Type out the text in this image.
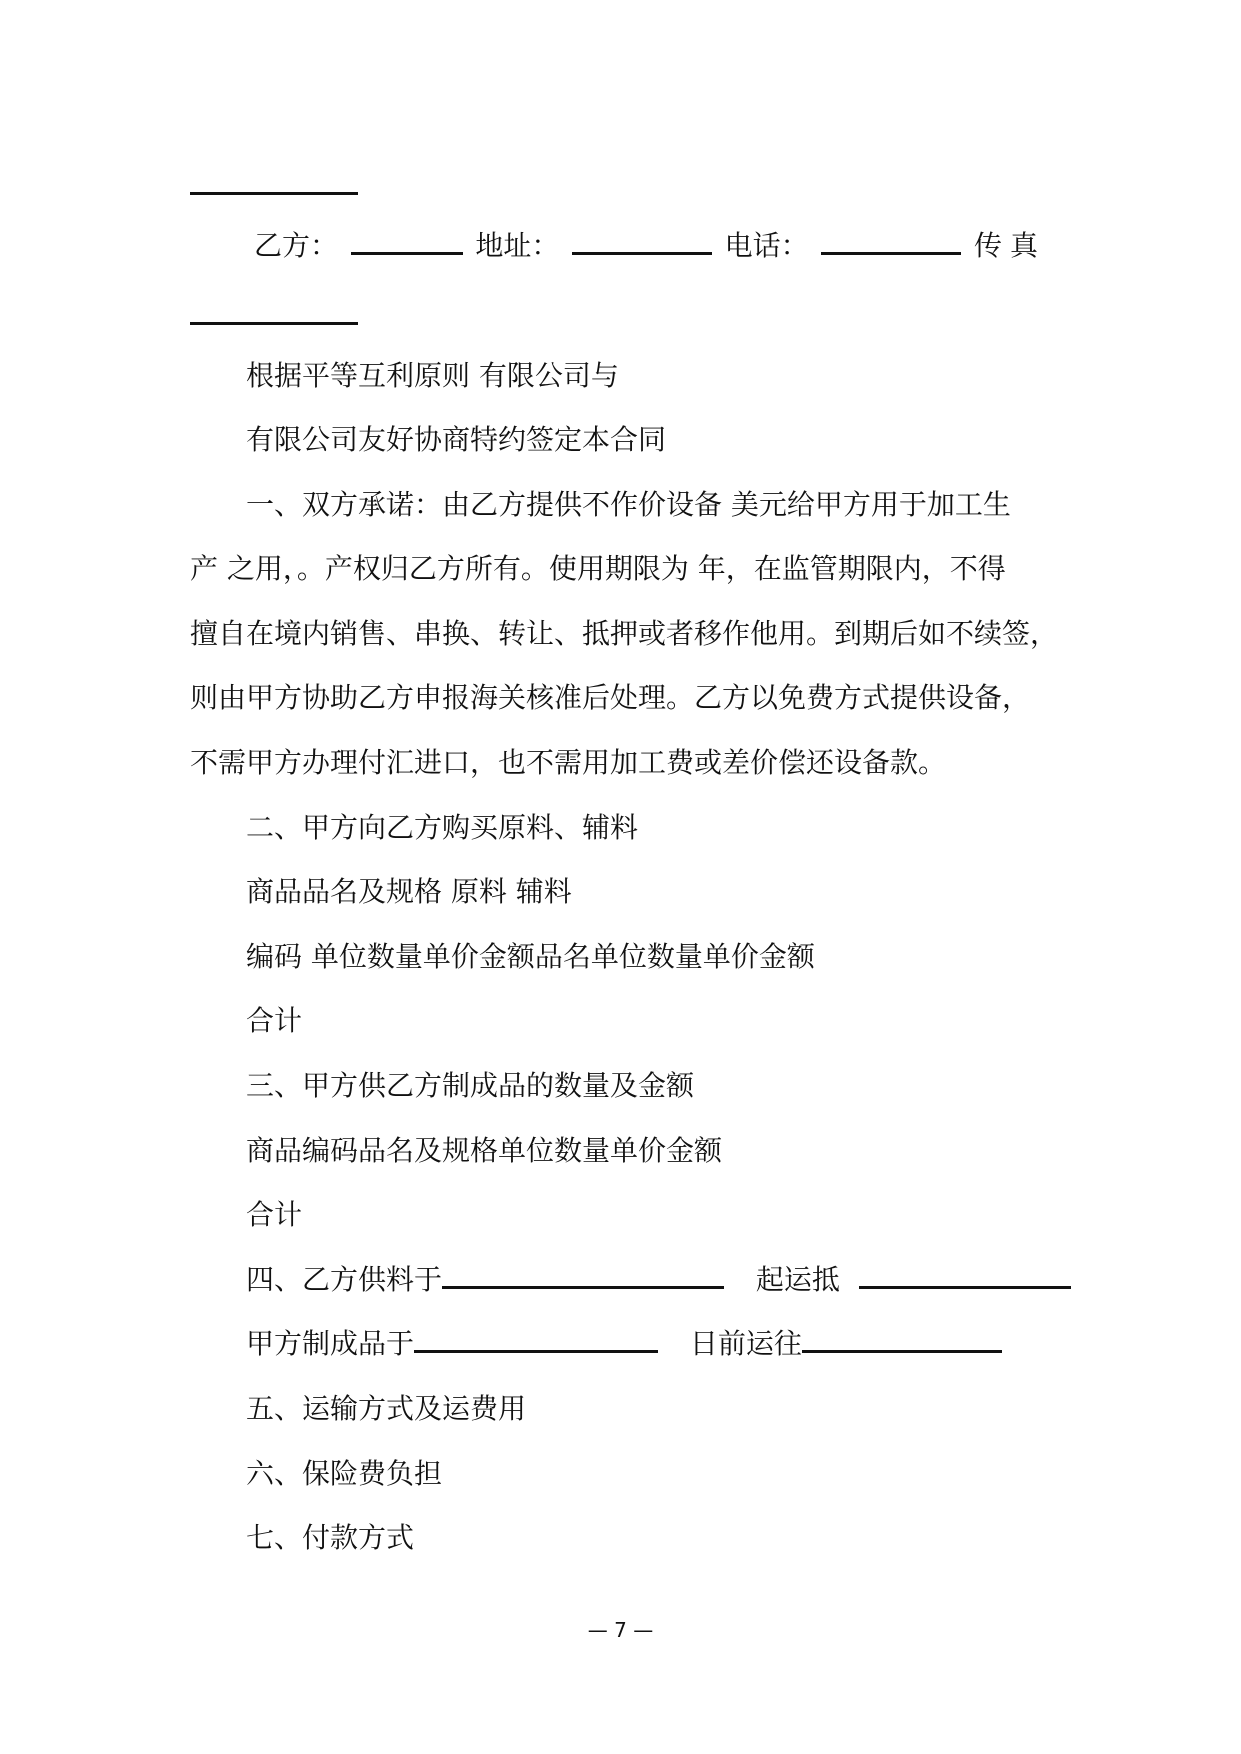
乙方：	地址：	电话：	传真
根据平等互利原则 有限公司与
有限公司友好协商特约签定本合同
一、双方承诺：由乙方提供不作价设备 美元给甲方用于加工生
产 之用，。产权归乙方所有。使用期限为 年，在监管期限内，不得
擅自在境内销售、串换、转让、抵押或者移作他用。到期后如不续签，
则由甲方协助乙方申报海关核准后处理。乙方以免费方式提供设备，
不需甲方办理付汇进口，也不需用加工费或差价偿还设备款。
二、甲方向乙方购买原料、辅料
商品品名及规格 原料 辅料
编码 单位数量单价金额品名单位数量单价金额
合计
三、甲方供乙方制成品的数量及金额
商品编码品名及规格单位数量单价金额
合计
四、乙方供料于	起运抵
甲方制成品于	日前运往
五、运输方式及运费用
六、保险费负担
七、付款方式
— 7 —
